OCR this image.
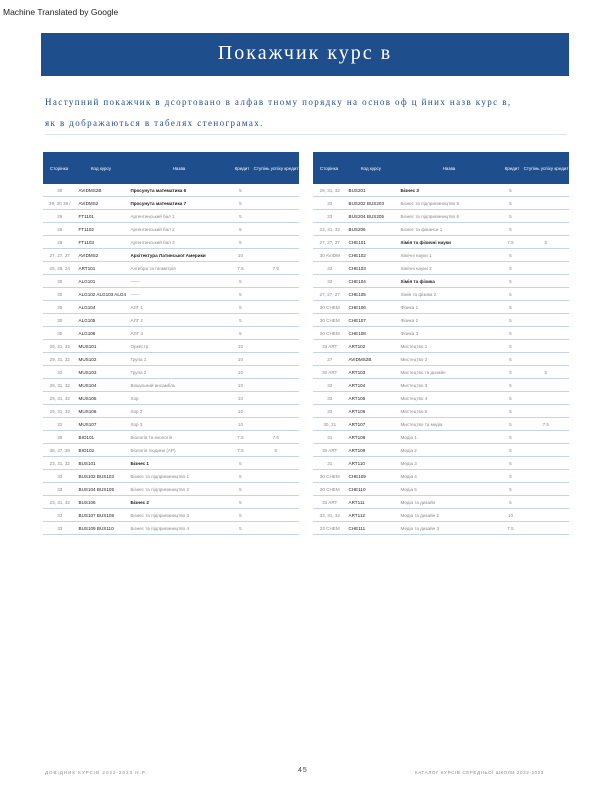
Machine Translated by Google
Покажчик курс в
Наступний покажчик в дсортовано в алфав тному порядку на основ оф ц йних назв курс в,
як в дображаються в табелях стенограмах.
Сторінка	Код курсу	Назва	Кредит Ступінь успіху кредит
39	AVIDMS2B	Просунута математика 6	5
39, 30 39 /	AVIDMS2	Просунута математика 7	5
26	FT1101	Аргентинський бал 1	5
26	FT1102	Аргентинський бал 2	5
26	FT1103	Аргентинський бал 3	5
27, 27, 27	AVIDMS2	Архітектура Латинської Америки	10
25, 39, 24	ART101	Алгебра та геометрія	7.5	7.5
30	ALG101	——	5
30	ALG102 ALG103 ALG4 ——	5
30	ALG104	АЛГ 1	5
30	ALG105	АЛГ 2	5
30	ALG106	АЛГ 3	5
29, 31, 32	MUS101	Оркестр	10
29, 31, 32	MUS102	Група 1	10
32	MUS103	Група 2	10
29, 31, 32	MUS104	Вокальний ансамбль	10
29, 31, 32	MUS105	Хор	10
29, 31, 32	MUS106	Хор 2	10
32	MUS107	Хор 3	10
36	BIO101	Біологія та екологія	7.5	7.5
36, 37, 38	BIO102	Біологія людини (AP)	7.5	5
23, 31, 32	BUS101	Бізнес 1	5
33	BUS102 BUS103	Бізнес та підприємництво 1	5
33	BUS104 BUS105	Бізнес та підприємництво 2	5
23, 31, 32	BUS106	Бізнес 2	5
33	BUS107 BUS108	Бізнес та підприємництво 3	5
33	BUS109 BUS110	Бізнес та підприємництво 4	5
Сторінка	Код курсу	Назва	Кредит Ступінь успіху кредит
29, 31, 32	BUS201	Бізнес 3	5
33	BUS202 BUS203	Бізнес та підприємництво 5	5
33	BUS204 BUS205	Бізнес та підприємництво 6	5
23, 31, 32	BUS206	Бізнес та фінанси 1	5
27, 27, 27	CHE101	Хімія та фізичні науки	7.5	5
30 AVIDM	CHE102	Хімічні науки 1	5
33	CHE103	Хімічні науки 2	5
33	CHE104	Хімія та фізика	5
27, 27, 27	CHE105	Хімія та фізика 2	5
30 CHEM	CHE106	Фізика 1	5
30 CHEM	CHE107	Фізика 2	5
30 CHEM	CHE108	Фізика 3	5
33 ART	ART102	Мистецтво 1	5
27	AVIDMS2B	Мистецтво 2	5
30 ART	ART103	Мистецтво та дизайн	5	5
33	ART104	Мистецтво 3	5
33	ART105	Мистецтво 4	5
33	ART106	Мистецтво 5	5
30, 31	ART107	Мистецтво та медіа	5	7.5
31	ART108	Медіа 1	5
30 ART	ART109	Медіа 2	5
31	ART110	Медіа 3	5
30 CHEM	CHE109	Медіа 4	5
30 CHEM	CHE110	Медіа 5	5
33 ART	ART111	Медіа та дизайн	5
33, 31, 32	ART112	Медіа та дизайн 2	10
33 CHEM	CHE111	Медіа та дизайн 3	7.5
ДОВІДНИК КУРСІВ 2022-2023 Н.Р.	45	КАТАЛОГ КУРСІВ СЕРЕДНЬОЇ ШКОЛИ 2022-2023
